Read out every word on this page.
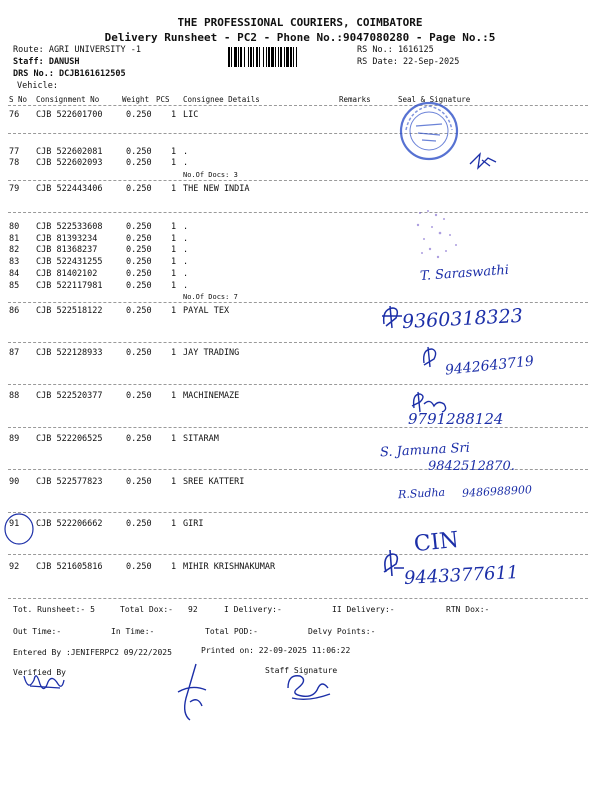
THE PROFESSIONAL COURIERS, COIMBATORE
Delivery Runsheet - PC2 - Phone No.:9047080280 - Page No.:5
Route: AGRI UNIVERSITY -1
Staff: DANUSH
DRS No.: DCJB161612505
Vehicle:
RS No.: 1616125
RS Date: 22-Sep-2025
S No Consignment No	Weight PCS Consignee Details	Remarks	Seal & Signature
76 CJB 522601700	0.250 1 LIC
77 CJB 522602081	0.250 1 .
78 CJB 522602093	0.250 1 .
79 CJB 522443406	0.250 1 THE NEW INDIA
80 CJB 522533608	0.250 1 .
81 CJB 81393234	0.250 1 .
82 CJB 81368237	0.250 1 .
83 CJB 522431255	0.250 1 .
84 CJB 81402102	0.250 1 .
85 CJB 522117981	0.250 1 .
86 CJB 522518122	0.250 1 PAYAL TEX
87 CJB 522128933	0.250 1 JAY TRADING
88 CJB 522520377	0.250 1 MACHINEMAZE
89 CJB 522206525	0.250 1 SITARAM
90 CJB 522577823	0.250 1 SREE KATTERI
91 CJB 522206662	0.250 1 GIRI
92 CJB 521605816	0.250 1 MIHIR KRISHNAKUMAR
No.Of Docs: 3
No.Of Docs: 7
T. Saraswathi
9360318323
9442643719
9791288124
S. Jamuna Sri
9842512870.
R.Sudha 9486988900
CIN
9443377611
Tot. Runsheet:- 5	Total Dox:- 92	I Delivery:-	II Delivery:-	RTN Dox:-
Out Time:-	In Time:-	Total POD:-	Delvy Points:-
Entered By :JENIFERPC2 09/22/2025	Printed on: 22-09-2025 11:06:22
Verified By	Staff Signature
